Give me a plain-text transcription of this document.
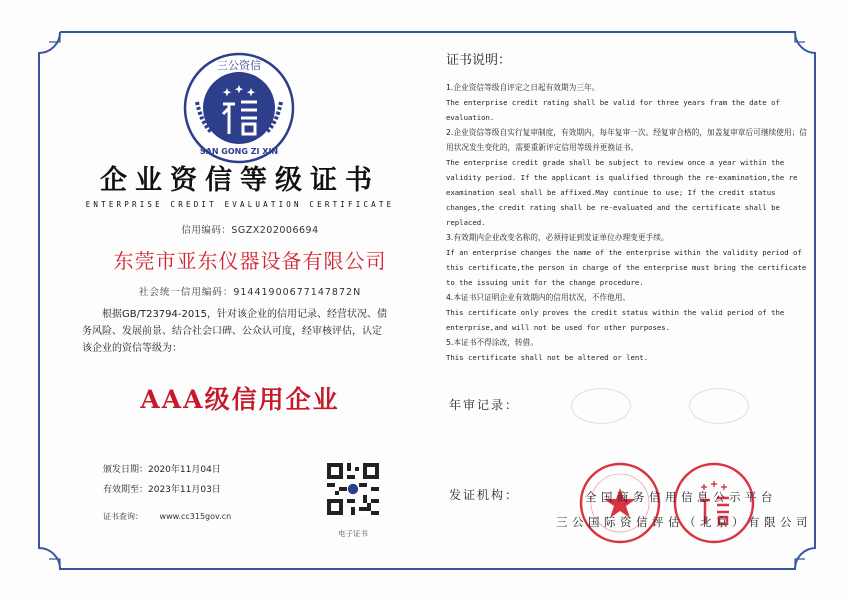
三公资信
SAN GONG ZI XIN
企业资信等级证书
ENTERPRISE CREDIT EVALUATION CERTIFICATE
信用编码：SGZX202006694
东莞市亚东仪器设备有限公司
社会统一信用编码：91441900677147872N
根据GB/T23794-2015，针对该企业的信用记录、经营状况、债务风险、发展前景、结合社会口碑、公众认可度，经审核评估，认定该企业的资信等级为：
AAA级信用企业
颁发日期：2020年11月04日
有效期至：2023年11月03日
证书查询： www.cc315gov.cn
电子证书
证书说明：
1.企业资信等级自评定之日起有效期为三年。
The enterprise credit rating shall be valid for three years fram the date of evaluation.
2.企业资信等级自实行复审制度，有效期内，每年复审一次。经复审合格的，加盖复审章后可继续使用；信用状况发生变化的，需要重新评定信用等级并更换证书。
The enterprise credit grade shall be subject to review once a year within the validity period. If the applicant is qualified through the re-examination,the re examination seal shall be affixed.May continue to use; If the credit status changes,the credit rating shall be re-evaluated and the certificate shall be replaced.
3.有效期内企业改变名称的，必须持证到发证单位办理变更手续。
If an enterprise changes the name of the enterprise within the validity period of this certificate,the person in charge of the enterprise must bring the certificate to the issuing unit for the change procedure.
4.本证书只证明企业有效期内的信用状况，不作他用。
This certificate only proves the credit status within the valid period of the enterprise,and will not be used for other purposes.
5.本证书不得涂改，转借。
This certificate shall not be altered or lent.
年审记录：
发证机构：	全国商务信用信息公示平台
三公国际资信评估（北京）有限公司
